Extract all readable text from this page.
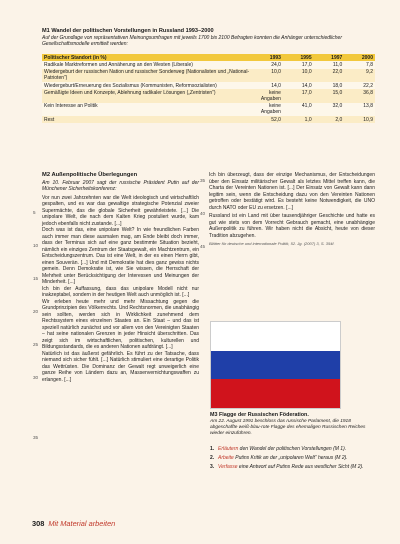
M1 Wandel der politischen Vorstellungen in Russland 1993–2000
Auf der Grundlage von repräsentativen Meinungsumfragen mit jeweils 1700 bis 2100 Befragten konnten die Anhänger unterschiedlicher Gesellschaftsmodelle ermittelt werden:
Politischer Standort (in %)	1993	1995	1997	2000
Radikale Marktreformen und Annäherung an den Westen (Liberale)	24,0	17,0	11,0	7,8
Wiedergeburt der russischen Nation und russischer Sonderweg (Nationalisten und „National-Patrioten“)	10,0	10,0	22,0	9,2
Wiedergeburt/Erneuerung des Sozialismus (Kommunisten, Reformsozialisten)	14,0	14,0	18,0	22,2
Gemäßigte Ideen und Konzepte, Ablehnung radikaler Lösungen („Zentristen“)	keine Angaben	17,0	15,0	36,8
Kein Interesse an Politik	keine Angaben	41,0	32,0	13,8
Rest	52,0	1,0	2,0	10,9
5
10
15
20
25
30
35
M2 Außenpolitische Überlegungen
Am 10. Februar 2007 sagt der russische Präsident Putin auf der Münchener Sicherheitskonferenz:
Vor nun zwei Jahrzehnten war die Welt ideologisch und wirtschaftlich gespalten, und es war das gewaltige strategische Potenzial zweier Supermächte, das die globale Sicherheit gewährleistete. [...] Die unipolare Welt, die nach dem Kalten Krieg postuliert wurde, kam jedoch ebenfalls nicht zustande. [...]
Doch was ist das, eine unipolare Welt? In wie freundlichen Farben auch immer man diese ausmalen mag, am Ende bleibt doch immer, dass der Terminus sich auf eine ganz bestimmte Situation bezieht, nämlich ein einziges Zentrum der Staatsgewalt, ein Machtzentrum, ein Entscheidungszentrum. Das ist eine Welt, in der es einen Herrn gibt, einen Souverän. [...] Und mit Demokratie hat dies ganz gewiss nichts gemein. Denn Demokratie ist, wie Sie wissen, die Herrschaft der Mehrheit unter Berücksichtigung der Interessen und Meinungen der Minderheit. [...]
Ich bin der Auffassung, dass das unipolare Modell nicht nur inakzeptabel, sondern in der heutigen Welt auch unmöglich ist. [...]
Wir erleben heute mehr und mehr Missachtung gegen die Grundprinzipien des Völkerrechts. Und Rechtsnormen, die unabhängig sein sollten, werden sich in Wirklichkeit zunehmend dem Rechtssystem eines einzelnen Staates an. Ein Staat – und das ist speziell natürlich zunächst und vor allem von den Vereinigten Staaten – hat seine nationalen Grenzen in jeder Hinsicht überschritten. Das zeigt sich im wirtschaftlichen, politischen, kulturellen und Bildungsstandards, die es anderen Nationen aufdrängt. [...]
Natürlich ist das äußerst gefährlich. Es führt zu der Tatsache, dass niemand sich sicher fühlt. [...] Natürlich stimuliert eine derartige Politik das Wettrüsten. Die Dominanz der Gewalt regt unweigerlich eine ganze Reihe von Ländern dazu an, Massenvernichtungswaffen zu erlangen. [...]
35
40
45
Ich bin überzeugt, dass der einzige Mechanismus, der Entscheidungen über den Einsatz militärischer Gewalt als letztes Mittel treffen kann, die Charta der Vereinten Nationen ist. [...] Der Einsatz von Gewalt kann dann legitim sein, wenn die Entscheidung dazu von den Vereinten Nationen getroffen oder bestätigt wird. Es besteht keine Notwendigkeit, die UNO durch NATO oder EU zu ersetzen. [...]
Russland ist ein Land mit über tausendjähriger Geschichte und hatte es gut wie stets von dem Vorrecht Gebrauch gemacht, eine unabhängige Außenpolitik zu führen. Wir haben nicht die Absicht, heute von dieser Tradition abzugehen.
Blätter für deutsche und internationale Politik, 52. Jg. (2007) 3, S. 354f.
M3 Flagge der Russischen Föderation.
Am 22. August 1991 beschloss das russische Parlament, die 1918 abgeschaffte weiß-blau-rote Flagge des ehemaligen Russischen Reiches wieder einzuführen.
1. Erläutern den Wandel der politischen Vorstellungen (M 1).
2. Arbeite Putins Kritik an der „unipolaren Welt“ heraus (M 2).
3. Verfasse eine Antwort auf Putins Rede aus westlicher Sicht (M 2).
308 Mit Material arbeiten
